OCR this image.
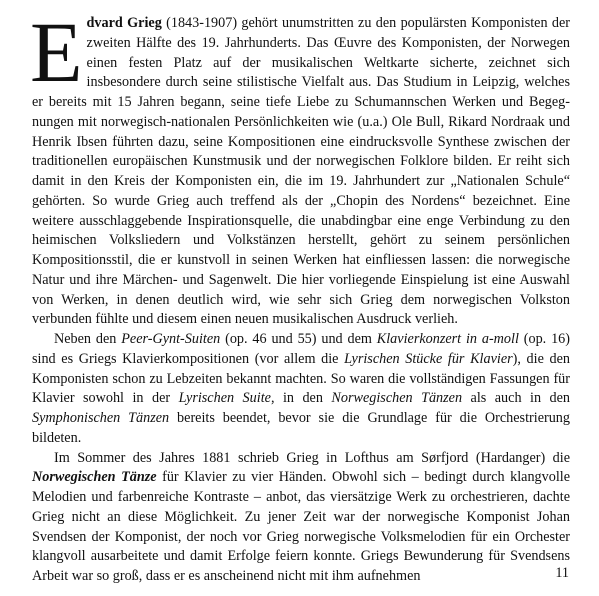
Edvard Grieg (1843-1907) gehört unumstritten zu den populärsten Komponisten der zweiten Hälfte des 19. Jahrhunderts. Das Œuvre des Komponisten, der Norwegen einen festen Platz auf der musikalischen Weltkarte sicherte, zeichnet sich insbesondere durch seine stilistische Vielfalt aus. Das Studium in Leipzig, welches er bereits mit 15 Jahren begann, seine tiefe Liebe zu Schumannschen Werken und Begegnungen mit norwegisch-nationalen Persönlichkeiten wie (u.a.) Ole Bull, Rikard Nordraak und Henrik Ibsen führten dazu, seine Kompositionen eine eindrucksvolle Synthese zwischen der traditionellen europäischen Kunstmusik und der norwegischen Folklore bilden. Er reiht sich damit in den Kreis der Komponisten ein, die im 19. Jahrhundert zur „Nationalen Schule“ gehörten. So wurde Grieg auch treffend als der „Chopin des Nordens“ bezeichnet. Eine weitere ausschlaggebende Inspirationsquelle, die unabdingbar eine enge Verbindung zu den heimischen Volksliedern und Volkstänzen herstellt, gehört zu seinem persönlichen Kompositionsstil, die er kunstvoll in seinen Werken hat einfliessen lassen: die norwegische Natur und ihre Märchen- und Sagenwelt. Die hier vorliegende Einspielung ist eine Auswahl von Werken, in denen deutlich wird, wie sehr sich Grieg dem norwegischen Volkston verbunden fühlte und diesem einen neuen musikalischen Ausdruck verlieh.

Neben den Peer-Gynt-Suiten (op. 46 und 55) und dem Klavierkonzert in a-moll (op. 16) sind es Griegs Klavierkompositionen (vor allem die Lyrischen Stücke für Klavier), die den Komponisten schon zu Lebzeiten bekannt machten. So waren die vollständigen Fassungen für Klavier sowohl in der Lyrischen Suite, in den Norwegischen Tänzen als auch in den Symphonischen Tänzen bereits beendet, bevor sie die Grundlage für die Orchestrierung bildeten.

Im Sommer des Jahres 1881 schrieb Grieg in Lofthus am Sørfjord (Hardanger) die Norwegischen Tänze für Klavier zu vier Händen. Obwohl sich – bedingt durch klangvolle Melodien und farbenreiche Kontraste – anbot, das viersätzige Werk zu orchestrieren, dachte Grieg nicht an diese Möglichkeit. Zu jener Zeit war der norwegische Komponist Johan Svendsen der Komponist, der noch vor Grieg norwegische Volksmelodien für ein Orchester klangvoll ausarbeitete und damit Erfolge feiern konnte. Griegs Bewunderung für Svendsens Arbeit war so groß, dass er es anscheinend nicht mit ihm aufnehmen	11
